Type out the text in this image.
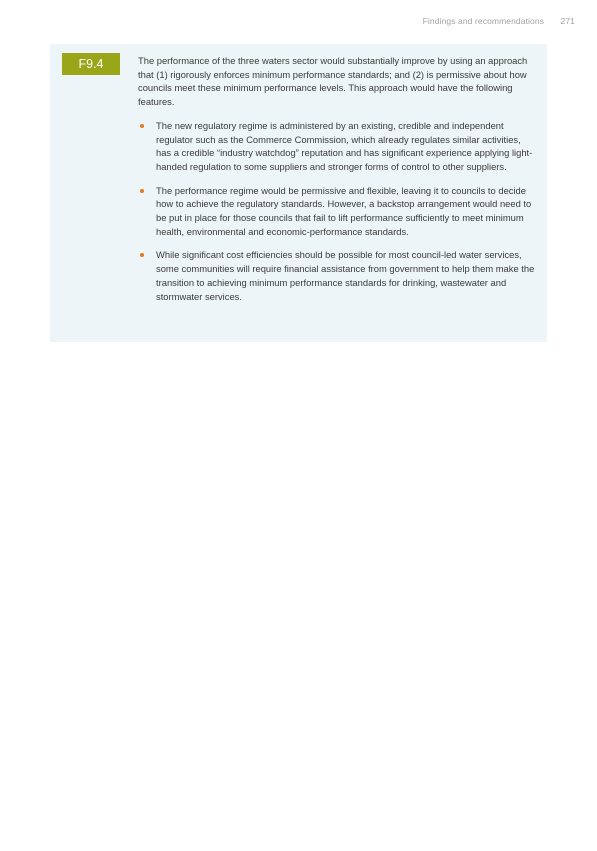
Findings and recommendations 271
F9.4	The performance of the three waters sector would substantially improve by using an approach that (1) rigorously enforces minimum performance standards; and (2) is permissive about how councils meet these minimum performance levels. This approach would have the following features.

The new regulatory regime is administered by an existing, credible and independent regulator such as the Commerce Commission, which already regulates similar activities, has a credible “industry watchdog” reputation and has significant experience applying light-handed regulation to some suppliers and stronger forms of control to other suppliers.
The performance regime would be permissive and flexible, leaving it to councils to decide how to achieve the regulatory standards. However, a backstop arrangement would need to be put in place for those councils that fail to lift performance sufficiently to meet minimum health, environmental and economic-performance standards.
While significant cost efficiencies should be possible for most council-led water services, some communities will require financial assistance from government to help them make the transition to achieving minimum performance standards for drinking, wastewater and stormwater services.
